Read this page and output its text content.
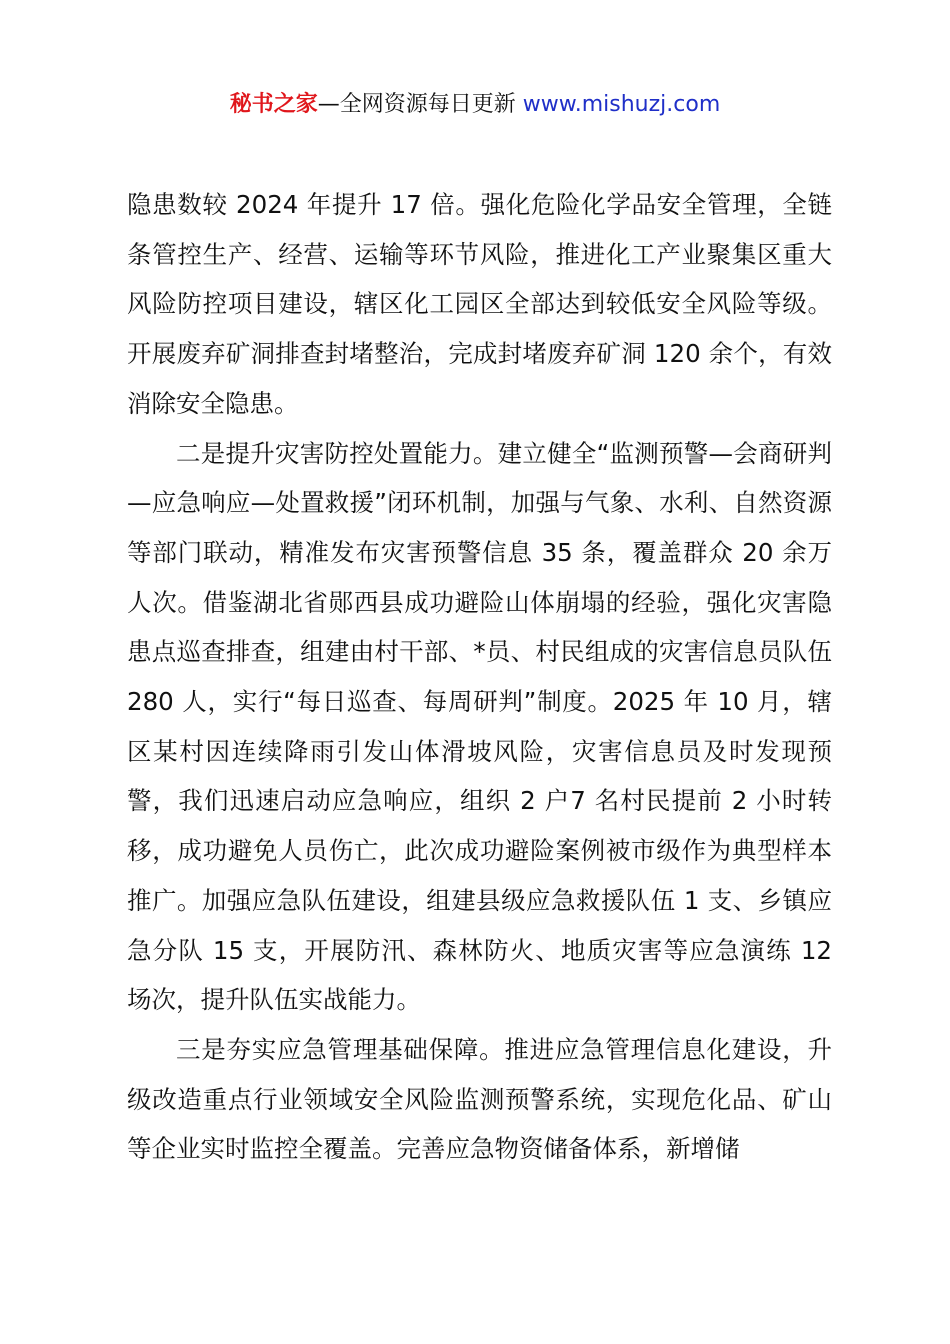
秘书之家—全网资源每日更新 www.mishuzj.com

隐患数较 2024 年提升 17 倍。强化危险化学品安全管理，全链条管控生产、经营、运输等环节风险，推进化工产业聚集区重大风险防控项目建设，辖区化工园区全部达到较低安全风险等级。开展废弃矿洞排查封堵整治，完成封堵废弃矿洞 120 余个，有效消除安全隐患。

二是提升灾害防控处置能力。建立健全“监测预警—会商研判—应急响应—处置救援”闭环机制，加强与气象、水利、自然资源等部门联动，精准发布灾害预警信息 35 条，覆盖群众 20 余万人次。借鉴湖北省郧西县成功避险山体崩塌的经验，强化灾害隐患点巡查排查，组建由村干部、*员、村民组成的灾害信息员队伍 280 人，实行“每日巡查、每周研判”制度。2025 年 10 月，辖区某村因连续降雨引发山体滑坡风险，灾害信息员及时发现预警，我们迅速启动应急响应，组织 2 户7 名村民提前 2 小时转移，成功避免人员伤亡，此次成功避险案例被市级作为典型样本推广。加强应急队伍建设，组建县级应急救援队伍 1 支、乡镇应急分队 15 支，开展防汛、森林防火、地质灾害等应急演练 12 场次，提升队伍实战能力。

三是夯实应急管理基础保障。推进应急管理信息化建设，升级改造重点行业领域安全风险监测预警系统，实现危化品、矿山等企业实时监控全覆盖。完善应急物资储备体系，新增储
